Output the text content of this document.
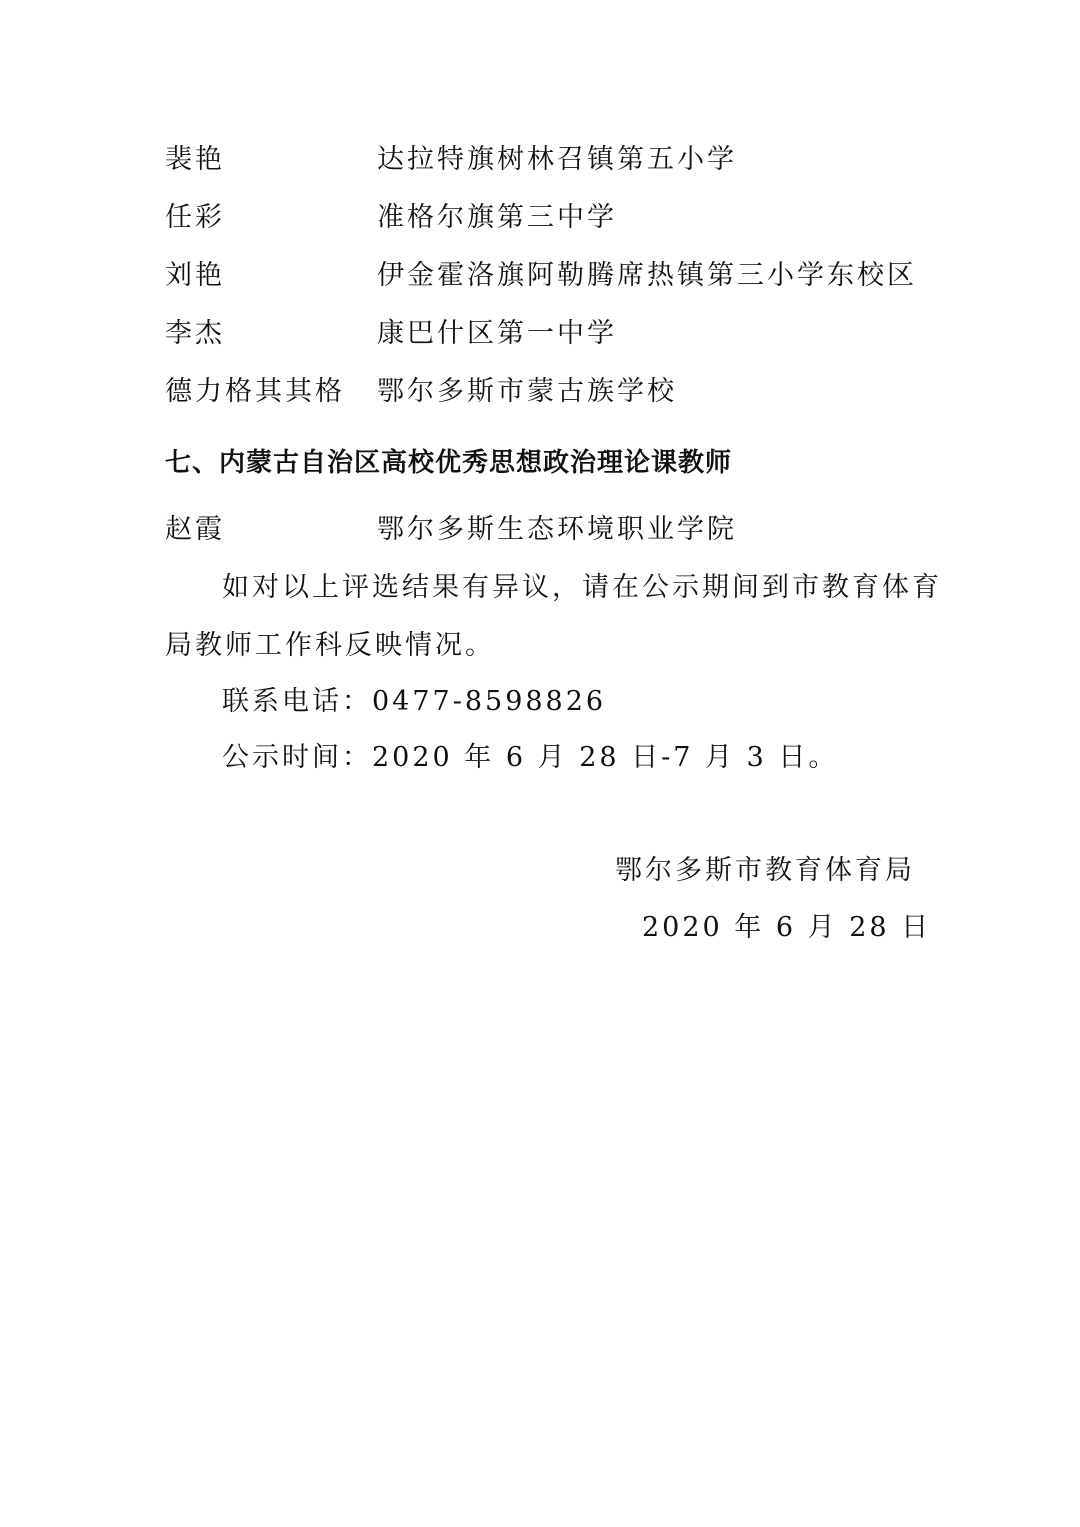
裴艳	达拉特旗树林召镇第五小学
任彩	准格尔旗第三中学
刘艳	伊金霍洛旗阿勒腾席热镇第三小学东校区
李杰	康巴什区第一中学
德力格其其格 鄂尔多斯市蒙古族学校
七、内蒙古自治区高校优秀思想政治理论课教师
赵霞	鄂尔多斯生态环境职业学院
如对以上评选结果有异议，请在公示期间到市教育体育
局教师工作科反映情况。
联系电话：0477-8598826
公示时间：2020 年 6 月 28 日-7 月 3 日。
鄂尔多斯市教育体育局
2020 年 6 月 28 日
